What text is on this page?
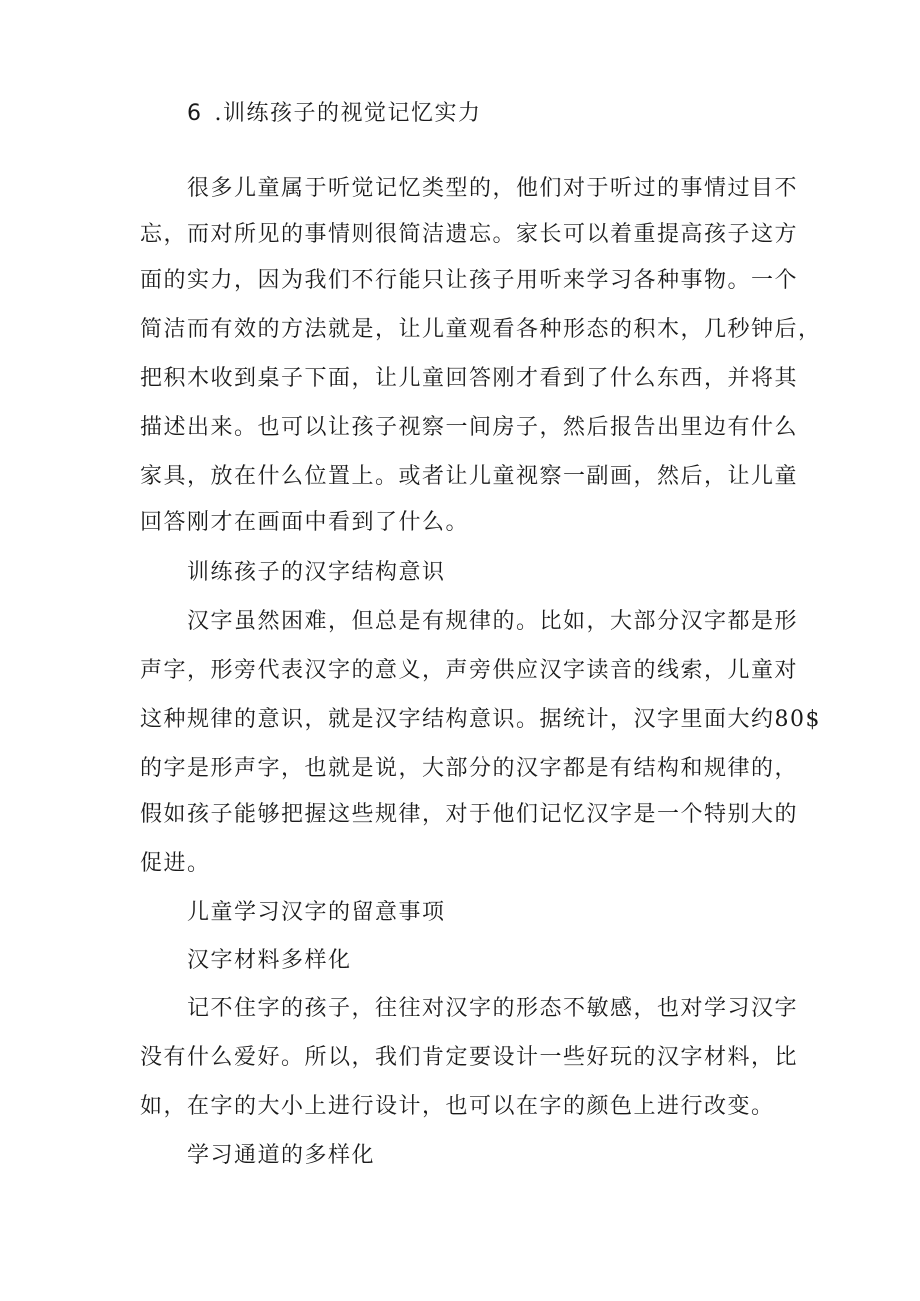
6 .训练孩子的视觉记忆实力
很多儿童属于听觉记忆类型的，他们对于听过的事情过目不
忘，而对所见的事情则很简洁遗忘。家长可以着重提高孩子这方
面的实力，因为我们不行能只让孩子用听来学习各种事物。一个
简洁而有效的方法就是，让儿童观看各种形态的积木，几秒钟后，
把积木收到桌子下面，让儿童回答刚才看到了什么东西，并将其
描述出来。也可以让孩子视察一间房子，然后报告出里边有什么
家具，放在什么位置上。或者让儿童视察一副画，然后，让儿童
回答刚才在画面中看到了什么。
训练孩子的汉字结构意识
汉字虽然困难，但总是有规律的。比如，大部分汉字都是形
声字，形旁代表汉字的意义，声旁供应汉字读音的线索，儿童对
这种规律的意识，就是汉字结构意识。据统计，汉字里面大约80$
的字是形声字，也就是说，大部分的汉字都是有结构和规律的，
假如孩子能够把握这些规律，对于他们记忆汉字是一个特别大的
促进。
儿童学习汉字的留意事项
汉字材料多样化
记不住字的孩子，往往对汉字的形态不敏感，也对学习汉字
没有什么爱好。所以，我们肯定要设计一些好玩的汉字材料，比
如，在字的大小上进行设计，也可以在字的颜色上进行改变。
学习通道的多样化
